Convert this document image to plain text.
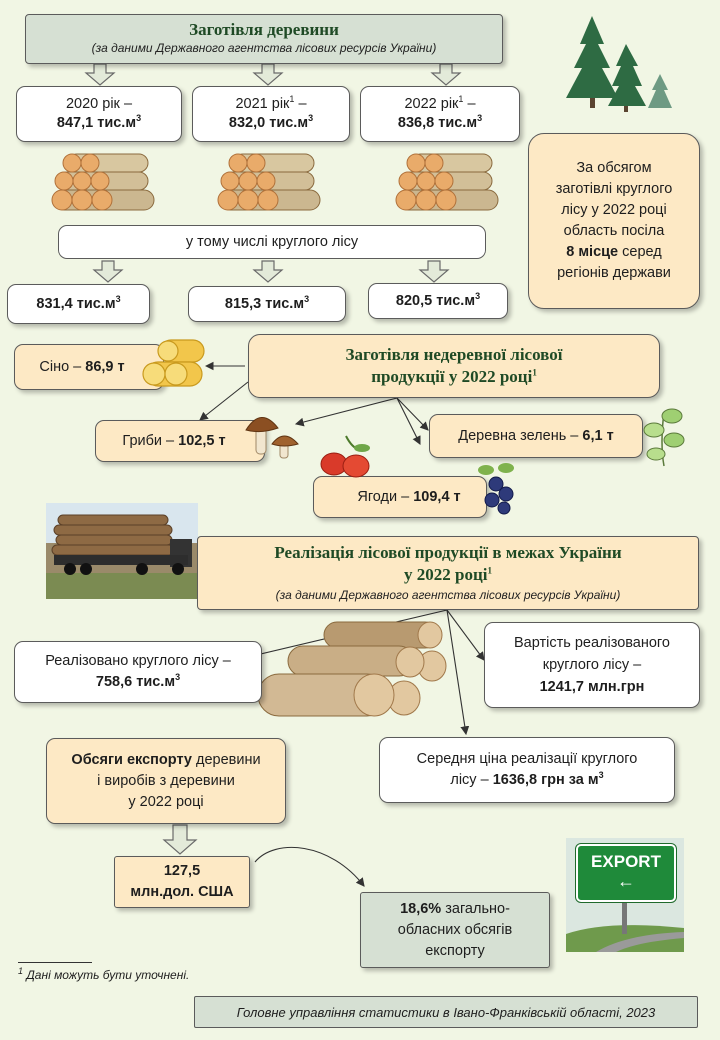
Заготівля деревини
(за даними Державного агентства лісових ресурсів України)
2020 рік –
847,1 $тис.м^3$
2021 рік$^1$ –
832,0 $тис.м^3$
2022 рік$^1$ –
836,8 $тис.м^3$
у тому числі круглого лісу
831,4 $тис.м^3$	815,3 $тис.м^3$	820,5 $тис.м^3$
За обсягом
заготівлі круглого
лісу у 2022 році
область посіла
8 місце серед
регіонів держави
Заготівля недеревної лісової
продукції у 2022 році$^1$
Сіно – 86,9 т
Гриби – 102,5 т	Деревна зелень – 6,1 т
Ягоди – 109,4 т
Реалізація лісової продукції в межах України
у 2022 році$^1$
(за даними Державного агентства лісових ресурсів України)
Реалізовано круглого лісу –
758,6 $тис.м^3$
Вартість реалізованого
круглого лісу –
1241,7 млн.грн
Середня ціна реалізації круглого
лісу – 1636,8 грн за $м^3$
Обсяги експорту деревини
і виробів з деревини
у 2022 році
127,5
млн.дол. США
18,6% загально-
обласних обсягів
експорту
EXPORT
←
$^1$ Дані можуть бути уточнені.
Головне управління статистики в Івано-Франківській області, 2023
